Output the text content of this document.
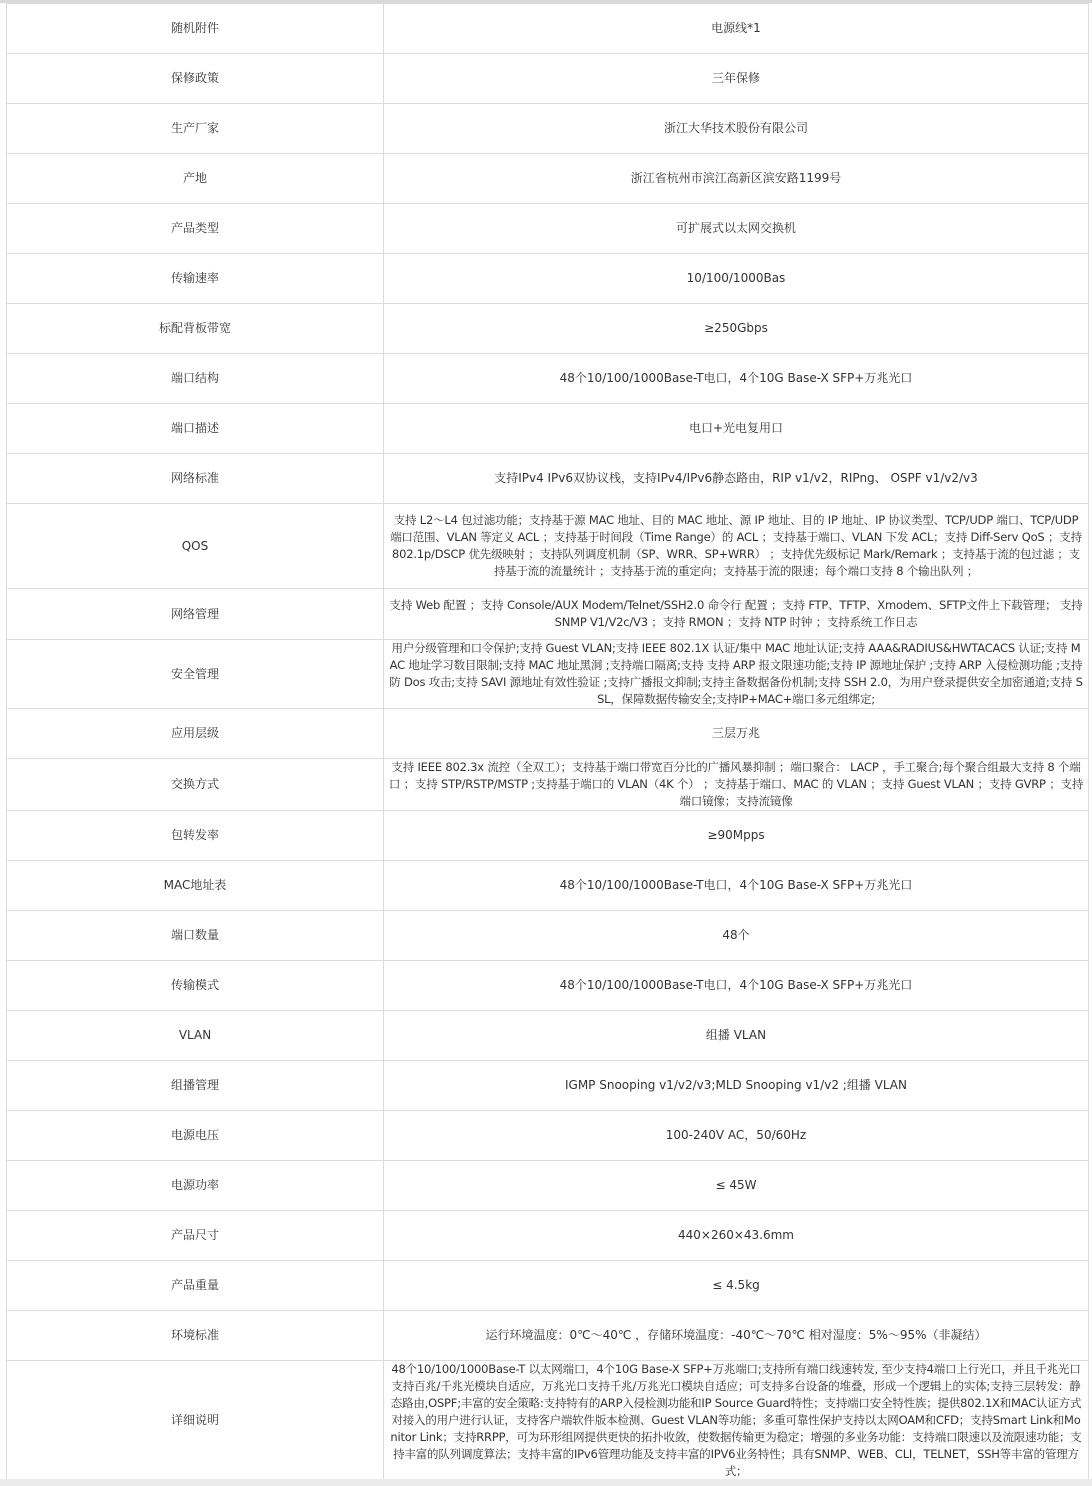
随机附件	电源线*1
保修政策	三年保修
生产厂家	浙江大华技术股份有限公司
产地	浙江省杭州市滨江高新区滨安路1199号
产品类型	可扩展式以太网交换机
传输速率	10/100/1000Bas
标配背板带宽	≥250Gbps
端口结构	48个10/100/1000Base-T电口，4个10G Base-X SFP+万兆光口
端口描述	电口+光电复用口
网络标准	支持IPv4 IPv6双协议栈，支持IPv4/IPv6静态路由，RIP v1/v2，RIPng、 OSPF v1/v2/v3
QOS	支持 L2～L4 包过滤功能；支持基于源 MAC 地址、目的 MAC 地址、源 IP 地址、目的 IP 地址、IP 协议类型、TCP/UDP 端口、TCP/UDP 端口范围、VLAN 等定义 ACL ；支持基于时间段（Time Range）的 ACL ；支持基于端口、VLAN 下发 ACL；支持 Diff-Serv QoS ；支持 802.1p/DSCP 优先级映射 ；支持队列调度机制（SP、WRR、SP+WRR） ；支持优先级标记 Mark/Remark ；支持基于流的包过滤 ；支持基于流的流量统计 ；支持基于流的重定向；支持基于流的限速；每个端口支持 8 个输出队列 ；
网络管理	支持 Web 配置 ；支持 Console/AUX Modem/Telnet/SSH2.0 命令行 配置 ；支持 FTP、TFTP、Xmodem、SFTP文件上下载管理； 支持 SNMP V1/V2c/V3 ；支持 RMON ；支持 NTP 时钟 ；支持系统工作日志
安全管理	用户分级管理和口令保护;支持 Guest VLAN;支持 IEEE 802.1X 认证/集中 MAC 地址认证;支持 AAA&RADIUS&HWTACACS 认证;支持 MAC 地址学习数目限制;支持 MAC 地址黑洞 ;支持端口隔离;支持 支持 ARP 报文限速功能;支持 IP 源地址保护 ;支持 ARP 入侵检测功能 ;支持防 Dos 攻击;支持 SAVI 源地址有效性验证 ;支持广播报文抑制;支持主备数据备份机制;支持 SSH 2.0，为用户登录提供安全加密通道;支持 SSL，保障数据传输安全;支持IP+MAC+端口多元组绑定;
应用层级	三层万兆
交换方式	支持 IEEE 802.3x 流控（全双工）；支持基于端口带宽百分比的广播风暴抑制 ；端口聚合： LACP ，手工聚合;每个聚合组最大支持 8 个端口 ；支持 STP/RSTP/MSTP ;支持基于端口的 VLAN（4K 个） ；支持基于端口、MAC 的 VLAN ；支持 Guest VLAN ；支持 GVRP ；支持端口镜像；支持流镜像
包转发率	≥90Mpps
MAC地址表	48个10/100/1000Base-T电口，4个10G Base-X SFP+万兆光口
端口数量	48个
传输模式	48个10/100/1000Base-T电口，4个10G Base-X SFP+万兆光口
VLAN	组播 VLAN
组播管理	IGMP Snooping v1/v2/v3;MLD Snooping v1/v2 ;组播 VLAN
电源电压	100-240V AC，50/60Hz
电源功率	≤ 45W
产品尺寸	440×260×43.6mm
产品重量	≤ 4.5kg
环境标准	运行环境温度：0℃～40℃ ，存储环境温度：-40℃～70℃ 相对湿度：5%～95%（非凝结）
详细说明	48个10/100/1000Base-T 以太网端口，4个10G Base-X SFP+万兆端口;支持所有端口线速转发, 至少支持4端口上行光口，并且千兆光口支持百兆/千兆光模块自适应，万兆光口支持千兆/万兆光口模块自适应；可支持多台设备的堆叠，形成一个逻辑上的实体;支持三层转发：静态路由,OSPF;丰富的安全策略:支持特有的ARP入侵检测功能和IP Source Guard特性；支持端口安全特性族；提供802.1X和MAC认证方式对接入的用户进行认证，支持客户端软件版本检测、Guest VLAN等功能；多重可靠性保护支持以太网OAM和CFD；支持Smart Link和Monitor Link；支持RRPP，可为环形组网提供更快的拓扑收敛，使数据传输更为稳定；增强的多业务功能：支持端口限速以及流限速功能；支持丰富的队列调度算法；支持丰富的IPv6管理功能及支持丰富的IPV6业务特性；具有SNMP、WEB、CLI，TELNET，SSH等丰富的管理方式；
